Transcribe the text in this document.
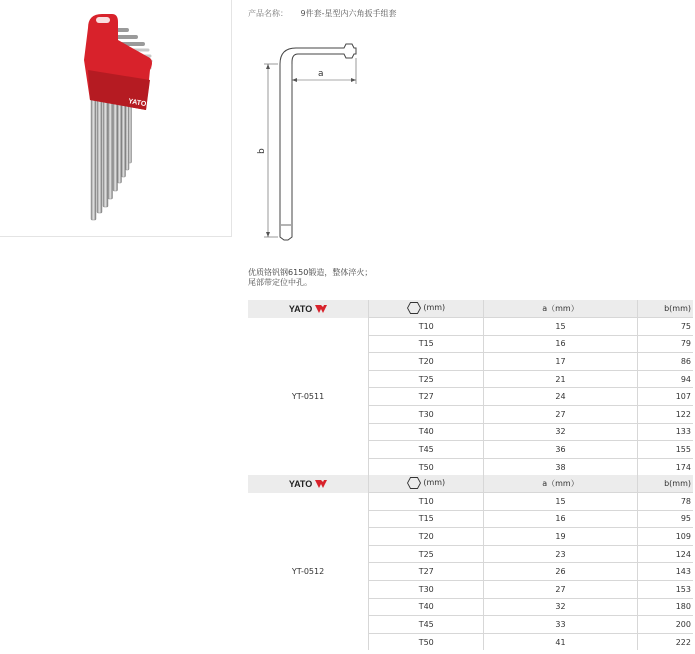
YATO
产品名称： 9件套-星型内六角扳手组套
a
b
优质铬钒钢6150锻造，整体淬火；
尾部带定位中孔。
YATO	(mm)	a（mm）	b(mm)
YT-0511	T10	15	75
	T15	16	79
	T20	17	86
	T25	21	94
	T27	24	107
	T30	27	122
	T40	32	133
	T45	36	155
	T50	38	174
YATO	(mm)	a（mm）	b(mm)
YT-0512	T10	15	78
	T15	16	95
	T20	19	109
	T25	23	124
	T27	26	143
	T30	27	153
	T40	32	180
	T45	33	200
	T50	41	222
